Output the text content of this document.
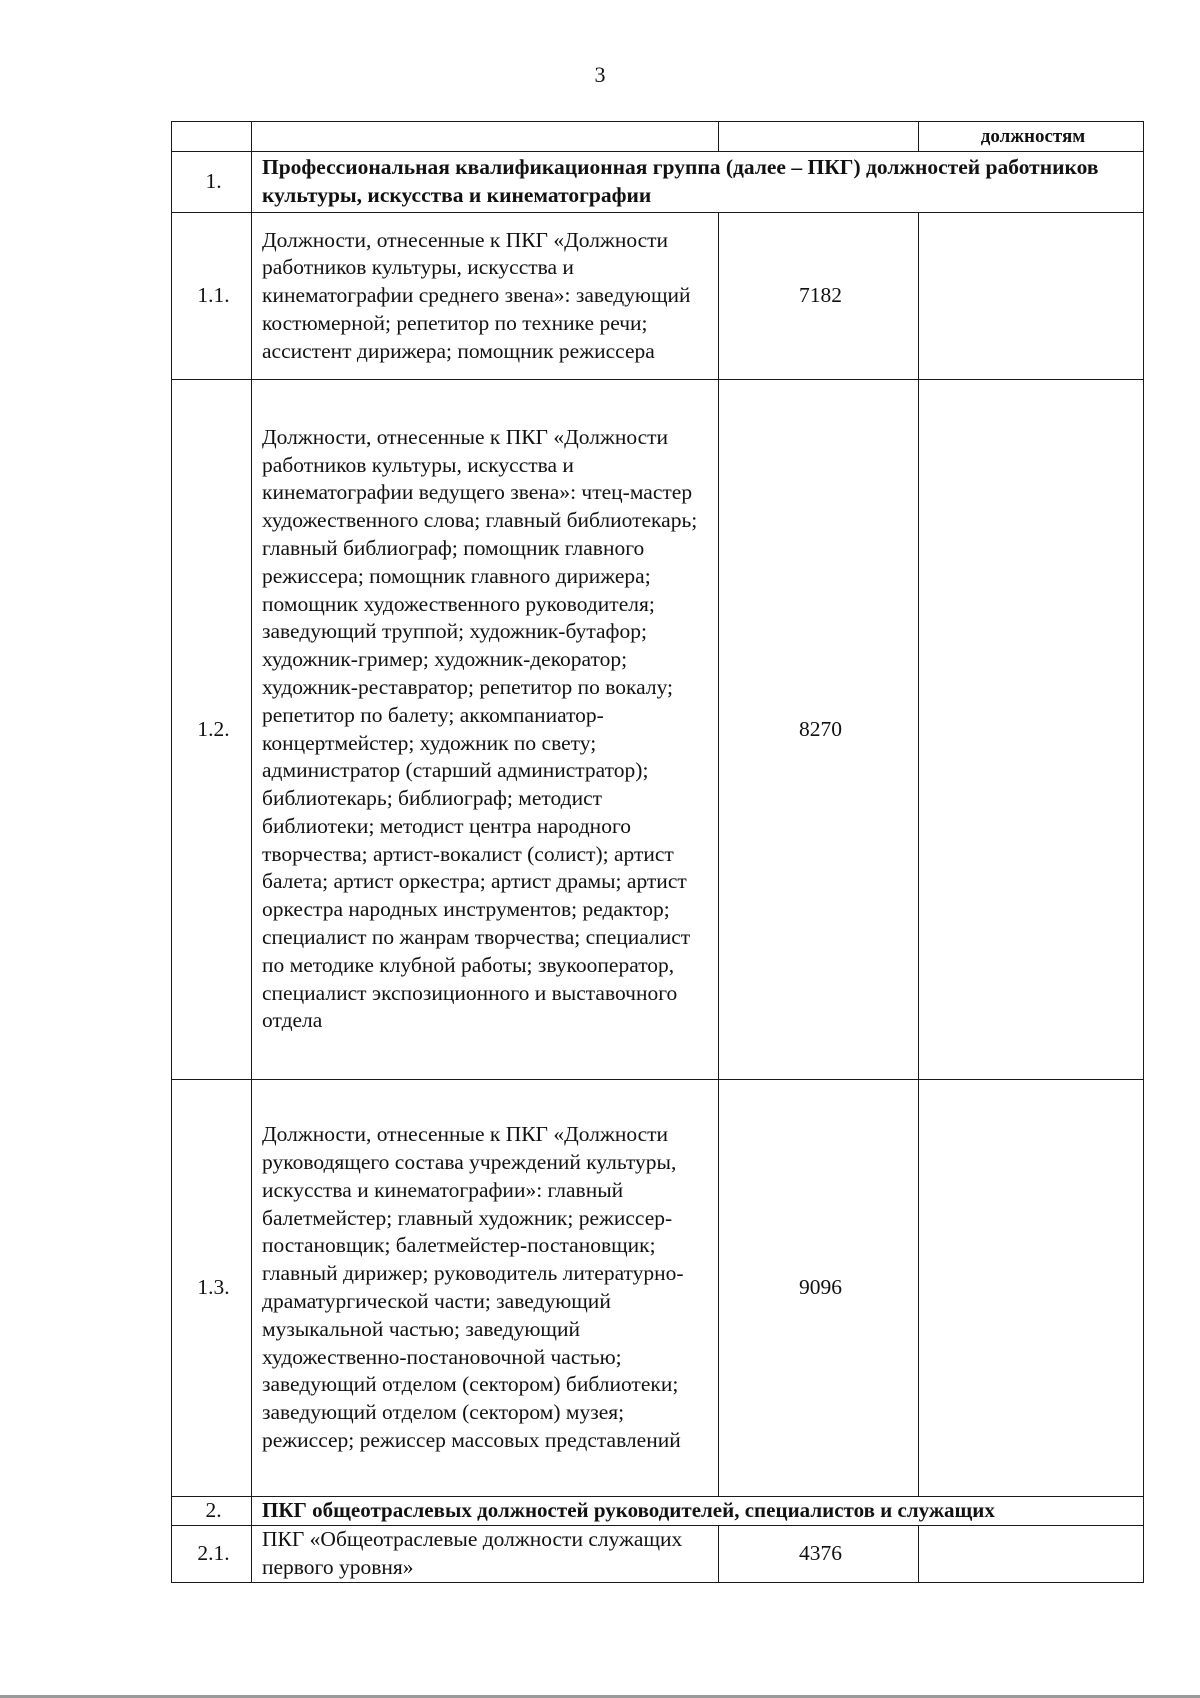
3
			должностям
1.	Профессиональная квалификационная группа (далее – ПКГ) должностей работников культуры, искусства и кинематографии		
1.1.	Должности, отнесенные к ПКГ «Должности работников культуры, искусства и кинематографии среднего звена»: заведующий костюмерной; репетитор по технике речи; ассистент дирижера; помощник режиссера	7182	
1.2.	Должности, отнесенные к ПКГ «Должности работников культуры, искусства и кинематографии ведущего звена»: чтец-мастер художественного слова; главный библиотекарь; главный библиограф; помощник главного режиссера; помощник главного дирижера; помощник художественного руководителя; заведующий труппой; художник-бутафор; художник-гример; художник-декоратор; художник-реставратор; репетитор по вокалу; репетитор по балету; аккомпаниатор-концертмейстер; художник по свету; администратор (старший администратор); библиотекарь; библиограф; методист библиотеки; методист центра народного творчества; артист-вокалист (солист); артист балета; артист оркестра; артист драмы; артист оркестра народных инструментов; редактор; специалист по жанрам творчества; специалист по методике клубной работы; звукооператор, специалист экспозиционного и выставочного отдела	8270	
1.3.	Должности, отнесенные к ПКГ «Должности руководящего состава учреждений культуры, искусства и кинематографии»: главный балетмейстер; главный художник; режиссер-постановщик; балетмейстер-постановщик; главный дирижер; руководитель литературно-драматургической части; заведующий музыкальной частью; заведующий художественно-постановочной частью; заведующий отделом (сектором) библиотеки; заведующий отделом (сектором) музея; режиссер; режиссер массовых представлений	9096	
2.	ПКГ общеотраслевых должностей руководителей, специалистов и служащих		
2.1.	ПКГ «Общеотраслевые должности служащих первого уровня»	4376	
